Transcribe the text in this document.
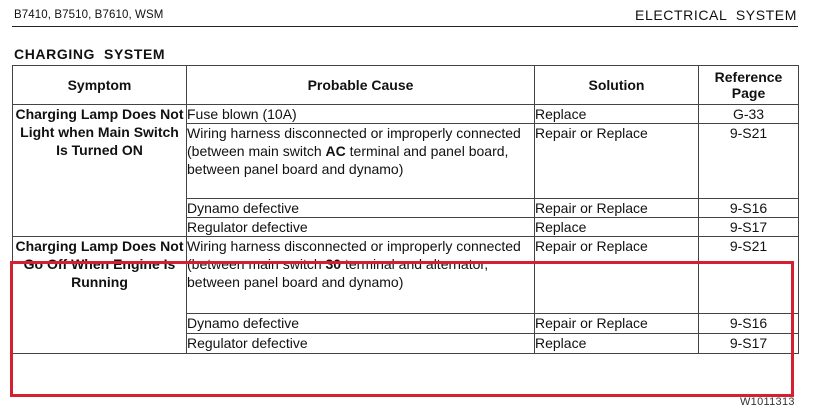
B7410, B7510, B7610, WSM	ELECTRICAL  SYSTEM
CHARGING  SYSTEM
Symptom	Probable Cause	Solution	Reference Page
Charging Lamp Does Not Light when Main Switch Is Turned ON	Fuse blown (10A)	Replace	G-33
	Wiring harness disconnected or improperly connected (between main switch AC terminal and panel board, between panel board and dynamo)	Repair or Replace	9-S21
	Dynamo defective	Repair or Replace	9-S16
	Regulator defective	Replace	9-S17
Charging Lamp Does Not Go Off When Engine Is Running	Wiring harness disconnected or improperly connected (between main switch 30 terminal and alternator, between panel board and dynamo)	Repair or Replace	9-S21
	Dynamo defective	Repair or Replace	9-S16
	Regulator defective	Replace	9-S17
W1011313
